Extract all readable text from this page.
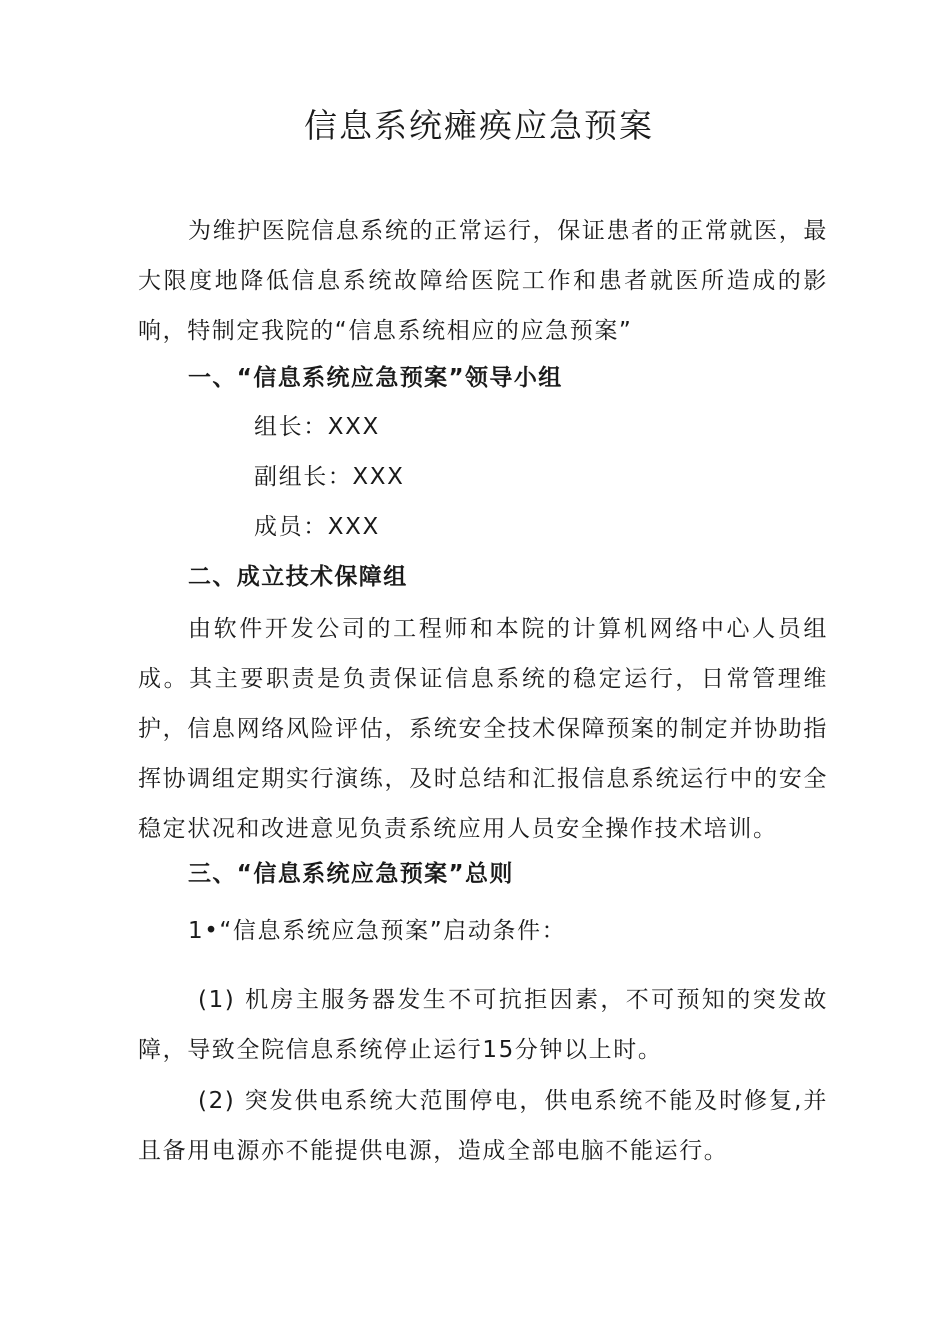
信息系统瘫痪应急预案
为维护医院信息系统的正常运行，保证患者的正常就医，最大限度地降低信息系统故障给医院工作和患者就医所造成的影响，特制定我院的“信息系统相应的应急预案”
一、“信息系统应急预案”领导小组
组长：XXX
副组长：XXX
成员：XXX
二、成立技术保障组
由软件开发公司的工程师和本院的计算机网络中心人员组成。其主要职责是负责保证信息系统的稳定运行，日常管理维护，信息网络风险评估，系统安全技术保障预案的制定并协助指挥协调组定期实行演练，及时总结和汇报信息系统运行中的安全稳定状况和改进意见负责系统应用人员安全操作技术培训。
三、“信息系统应急预案”总则
1•“信息系统应急预案”启动条件：
(1) 机房主服务器发生不可抗拒因素，不可预知的突发故障，导致全院信息系统停止运行15分钟以上时。
(2) 突发供电系统大范围停电，供电系统不能及时修复,并且备用电源亦不能提供电源，造成全部电脑不能运行。
